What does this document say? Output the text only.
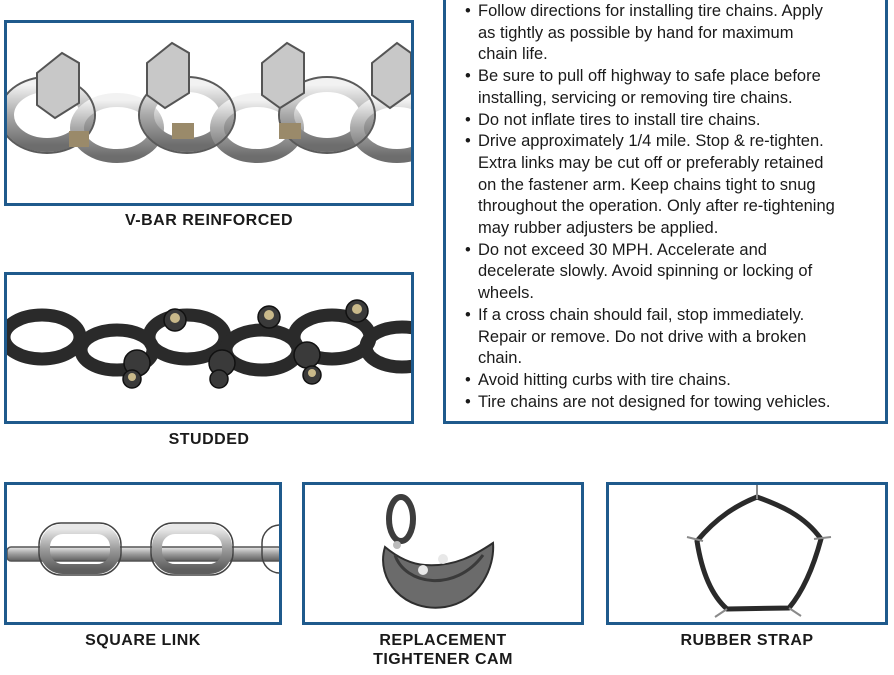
V-BAR REINFORCED
STUDDED
• Follow directions for installing tire chains. Apply
as tightly as possible by hand for maximum
chain life.
• Be sure to pull off highway to safe place before
installing, servicing or removing tire chains.
• Do not inflate tires to install tire chains.
• Drive approximately 1/4 mile. Stop & re-tighten.
Extra links may be cut off or preferably retained
on the fastener arm. Keep chains tight to snug
throughout the operation. Only after re-tightening
may rubber adjusters be applied.
• Do not exceed 30 MPH. Accelerate and
decelerate slowly. Avoid spinning or locking of
wheels.
• If a cross chain should fail, stop immediately.
Repair or remove. Do not drive with a broken
chain.
• Avoid hitting curbs with tire chains.
• Tire chains are not designed for towing vehicles.
SQUARE LINK	REPLACEMENT
TIGHTENER CAM
RUBBER STRAP
